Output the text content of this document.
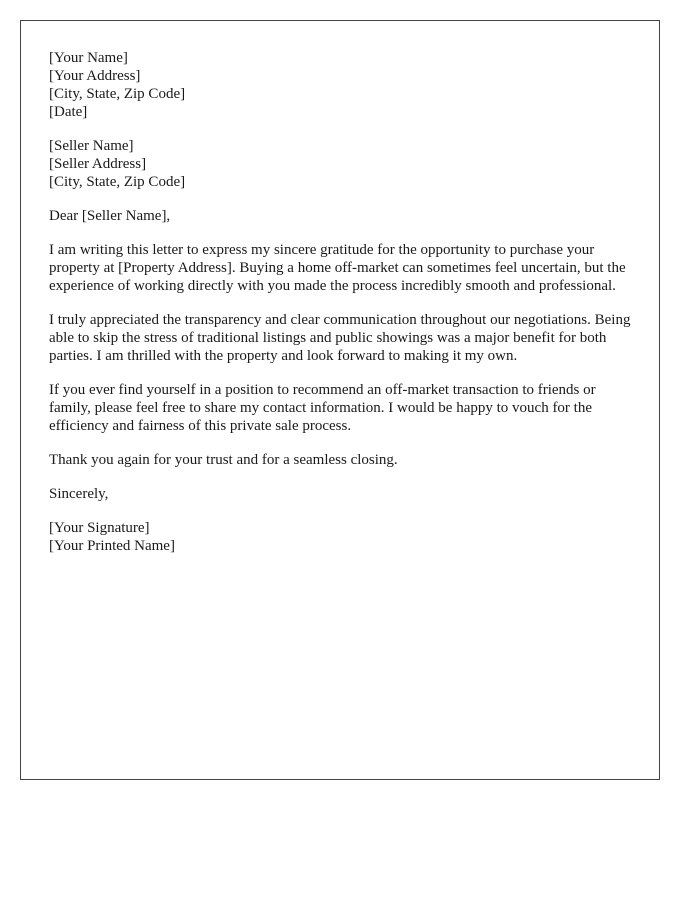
[Your Name]
[Your Address]
[City, State, Zip Code]
[Date]
[Seller Name]
[Seller Address]
[City, State, Zip Code]

Dear [Seller Name],

I am writing this letter to express my sincere gratitude for the opportunity to purchase your property at [Property Address]. Buying a home off-market can sometimes feel uncertain, but the experience of working directly with you made the process incredibly smooth and professional.

I truly appreciated the transparency and clear communication throughout our negotiations. Being able to skip the stress of traditional listings and public showings was a major benefit for both parties. I am thrilled with the property and look forward to making it my own.

If you ever find yourself in a position to recommend an off-market transaction to friends or family, please feel free to share my contact information. I would be happy to vouch for the efficiency and fairness of this private sale process.

Thank you again for your trust and for a seamless closing.

Sincerely,

[Your Signature]
[Your Printed Name]
